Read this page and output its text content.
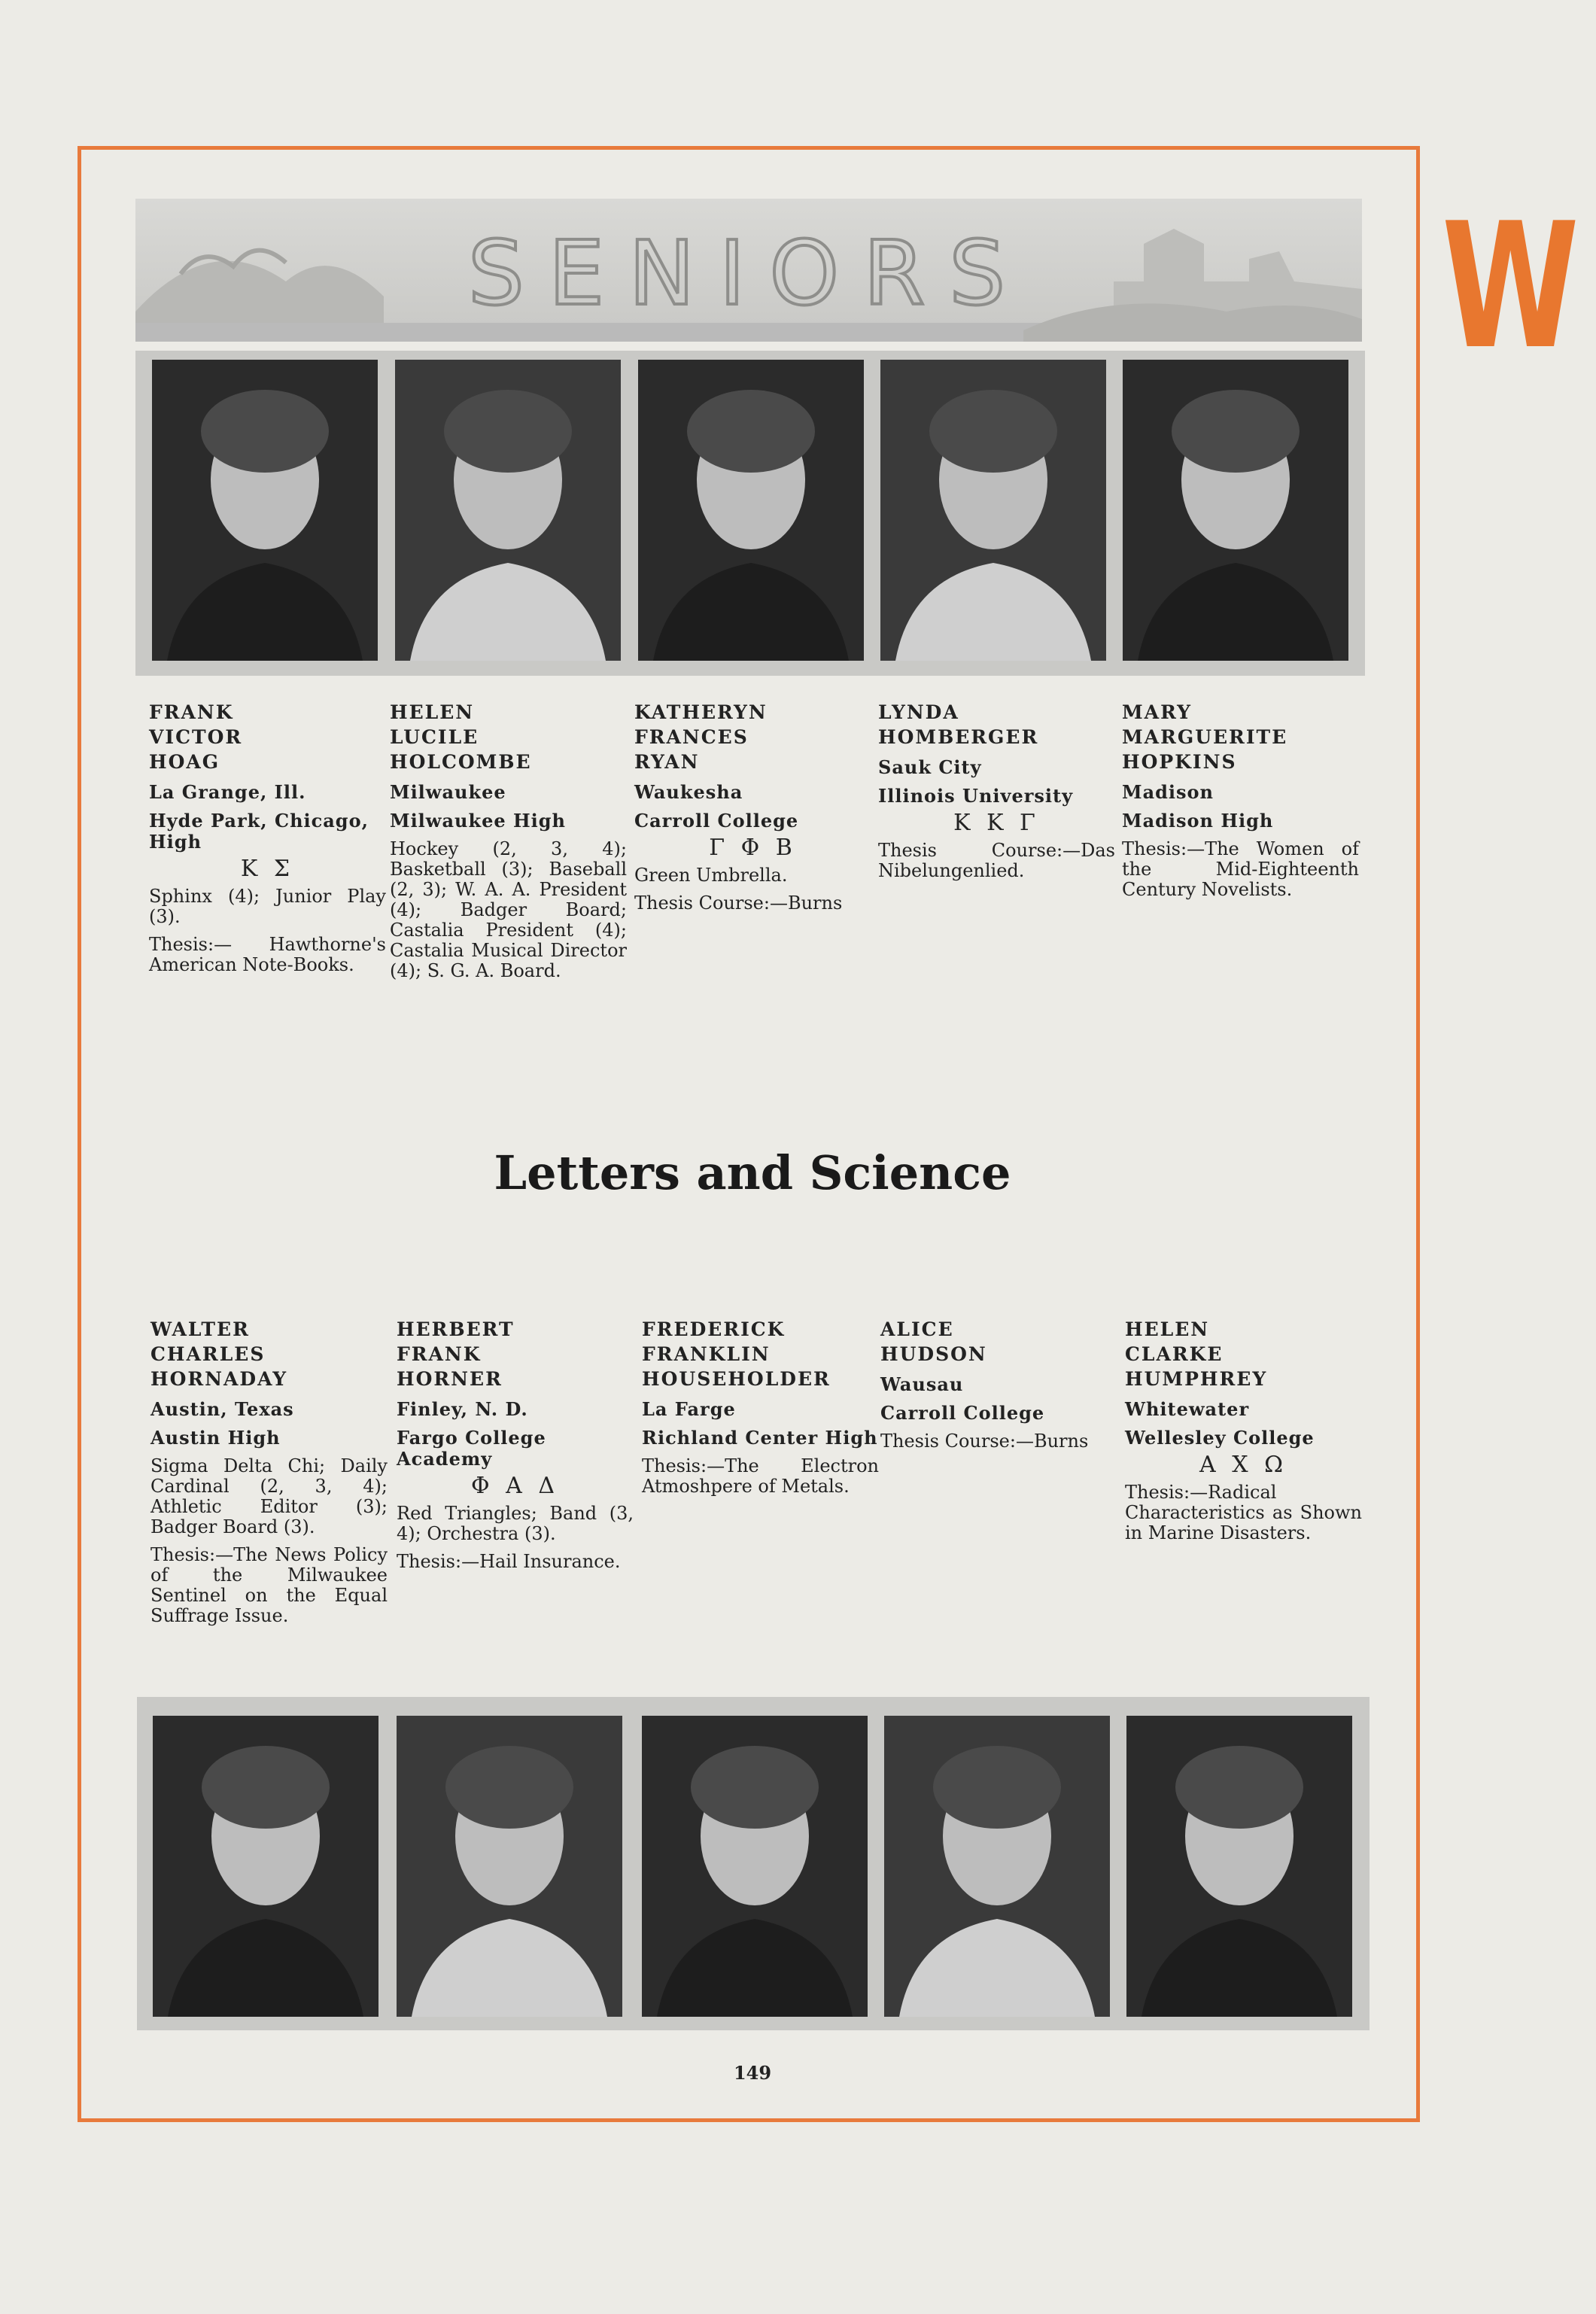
W
SENIORS
FRANK
VICTOR
HOAG
La Grange, Ill.
Hyde Park, Chicago, High
Κ Σ
Sphinx (4); Junior Play (3).
Thesis:— Hawthorne's American Note-Books.
HELEN
LUCILE
HOLCOMBE
Milwaukee
Milwaukee High
Hockey (2, 3, 4); Basketball (3); Baseball (2, 3); W. A. A. President (4); Badger Board; Castalia President (4); Castalia Musical Director (4); S. G. A. Board.
KATHERYN
FRANCES
RYAN
Waukesha
Carroll College
Γ Φ Β
Green Umbrella.
Thesis Course:—Burns
LYNDA
HOMBERGER
Sauk City
Illinois University
Κ Κ Γ
Thesis Course:—Das Nibelungenlied.
MARY
MARGUERITE
HOPKINS
Madison
Madison High
Thesis:—The Women of the Mid-Eighteenth Century Novelists.
Letters and Science
WALTER
CHARLES
HORNADAY
Austin, Texas
Austin High
Sigma Delta Chi; Daily Cardinal (2, 3, 4); Athletic Editor (3); Badger Board (3).
Thesis:—The News Policy of the Milwaukee Sentinel on the Equal Suffrage Issue.
HERBERT
FRANK
HORNER
Finley, N. D.
Fargo College Academy
Φ Α Δ
Red Triangles; Band (3, 4); Orchestra (3).
Thesis:—Hail Insurance.
FREDERICK
FRANKLIN
HOUSEHOLDER
La Farge
Richland Center High
Thesis:—The Electron Atmoshpere of Metals.
ALICE
HUDSON
Wausau
Carroll College
Thesis Course:—Burns
HELEN
CLARKE
HUMPHREY
Whitewater
Wellesley College
Α Χ Ω
Thesis:—Radical Characteristics as Shown in Marine Disasters.
149
